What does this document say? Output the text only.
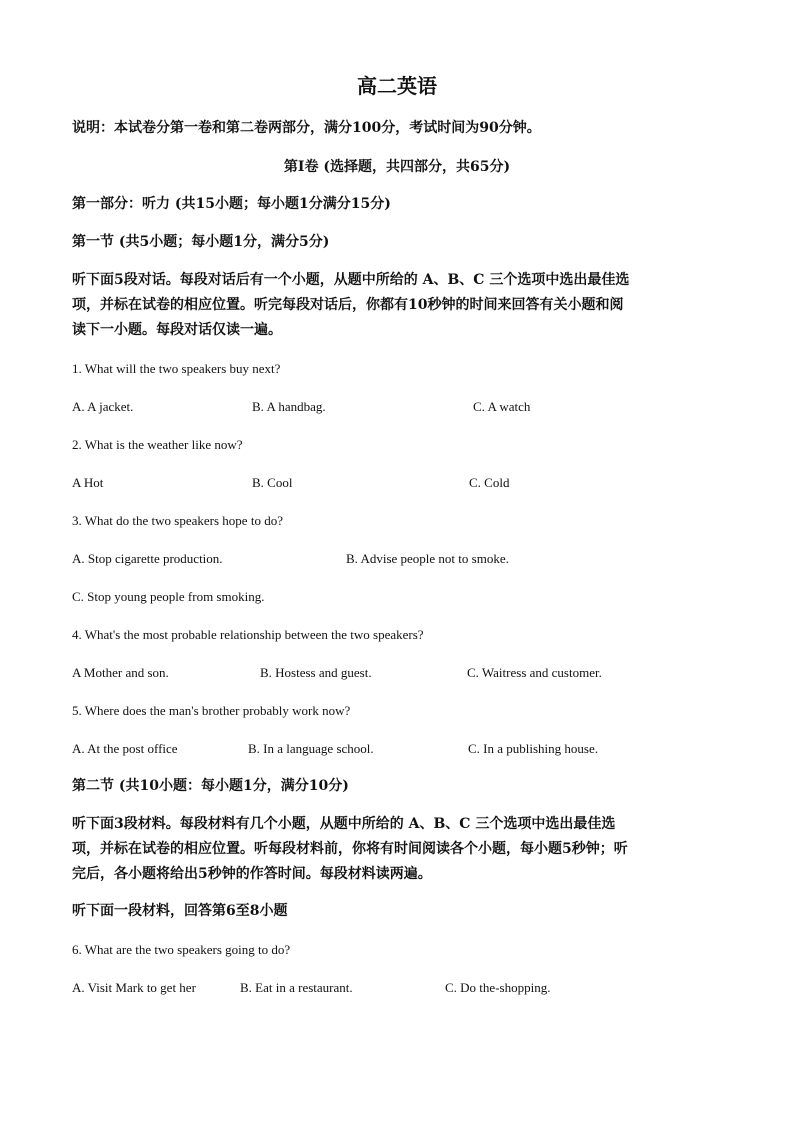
高二英语
说明：本试卷分第一卷和第二卷两部分，满分100分，考试时间为90分钟。
第Ⅰ卷 (选择题，共四部分，共65分)
第一部分：听力 (共15小题；每小题1分满分15分)
第一节 (共5小题；每小题1分，满分5分)
听下面5段对话。每段对话后有一个小题，从题中所给的 A、B、C 三个选项中选出最佳选
项，并标在试卷的相应位置。听完每段对话后，你都有10秒钟的时间来回答有关小题和阅
读下一小题。每段对话仅读一遍。
1. What will the two speakers buy next?
A. A jacket.	B. A handbag.	C. A watch
2. What is the weather like now?
A Hot	B. Cool	C. Cold
3. What do the two speakers hope to do?
A. Stop cigarette production.	B. Advise people not to smoke.
C. Stop young people from smoking.
4. What's the most probable relationship between the two speakers?
A Mother and son.	B. Hostess and guest.	C. Waitress and customer.
5. Where does the man's brother probably work now?
A. At the post office	B. In a language school.	C. In a publishing house.
第二节 (共10小题：每小题1分，满分10分)
听下面3段材料。每段材料有几个小题，从题中所给的 A、B、C 三个选项中选出最佳选
项，并标在试卷的相应位置。听每段材料前，你将有时间阅读各个小题，每小题5秒钟；听
完后，各小题将给出5秒钟的作答时间。每段材料读两遍。
听下面一段材料，回答第6至8小题
6. What are the two speakers going to do?
A. Visit Mark to get her	B. Eat in a restaurant.	C. Do the-shopping.
